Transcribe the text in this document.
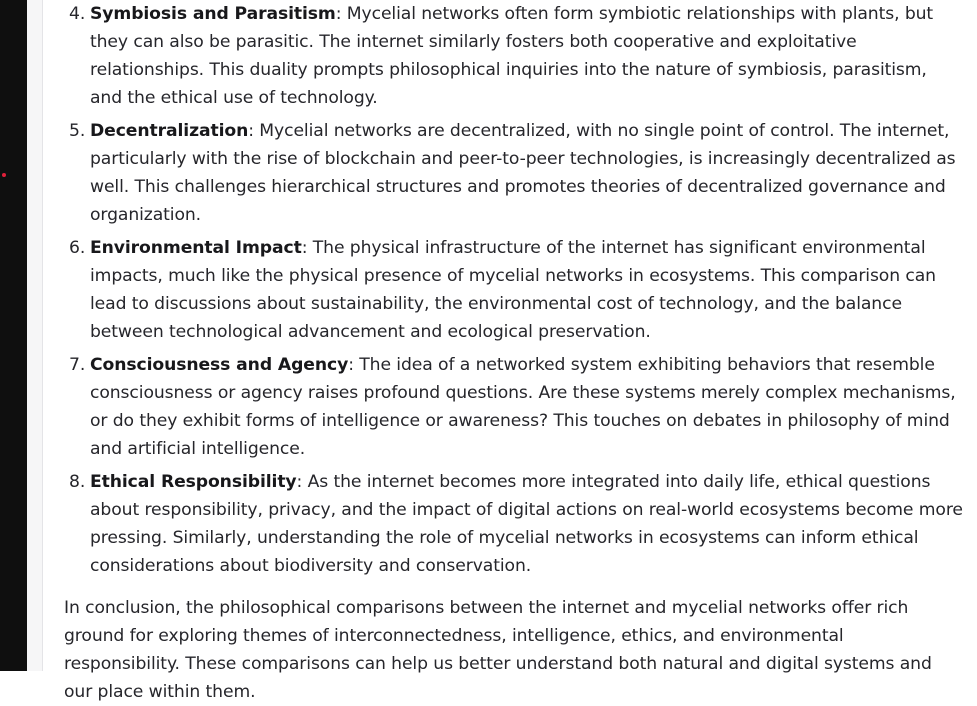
4. Symbiosis and Parasitism: Mycelial networks often form symbiotic relationships with plants, but they can also be parasitic. The internet similarly fosters both cooperative and exploitative relationships. This duality prompts philosophical inquiries into the nature of symbiosis, parasitism, and the ethical use of technology.
5. Decentralization: Mycelial networks are decentralized, with no single point of control. The internet, particularly with the rise of blockchain and peer-to-peer technologies, is increasingly decentralized as well. This challenges hierarchical structures and promotes theories of decentralized governance and organization.
6. Environmental Impact: The physical infrastructure of the internet has significant environmental impacts, much like the physical presence of mycelial networks in ecosystems. This comparison can lead to discussions about sustainability, the environmental cost of technology, and the balance between technological advancement and ecological preservation.
7. Consciousness and Agency: The idea of a networked system exhibiting behaviors that resemble consciousness or agency raises profound questions. Are these systems merely complex mechanisms, or do they exhibit forms of intelligence or awareness? This touches on debates in philosophy of mind and artificial intelligence.
8. Ethical Responsibility: As the internet becomes more integrated into daily life, ethical questions about responsibility, privacy, and the impact of digital actions on real-world ecosystems become more pressing. Similarly, understanding the role of mycelial networks in ecosystems can inform ethical considerations about biodiversity and conservation.

In conclusion, the philosophical comparisons between the internet and mycelial networks offer rich ground for exploring themes of interconnectedness, intelligence, ethics, and environmental responsibility. These comparisons can help us better understand both natural and digital systems and our place within them.
